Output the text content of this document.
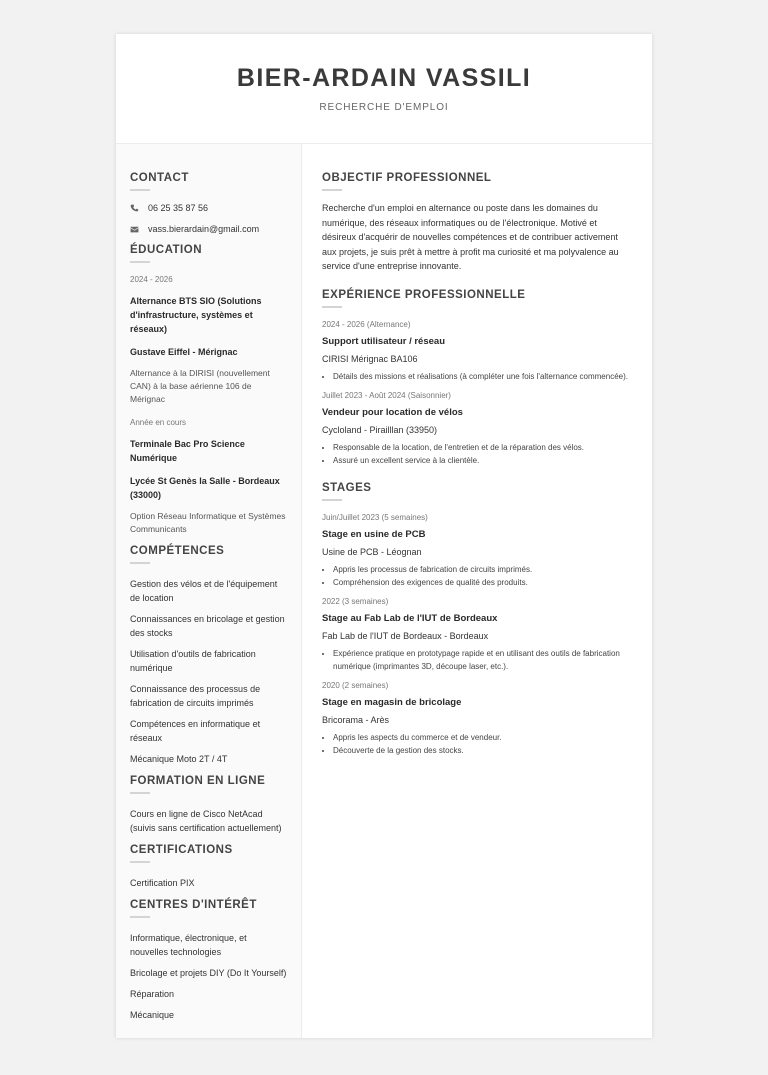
BIER-ARDAIN VASSILI
RECHERCHE D'EMPLOI
CONTACT
06 25 35 87 56
vass.bierardain@gmail.com
ÉDUCATION
2024 - 2026
Alternance BTS SIO (Solutions d'infrastructure, systèmes et réseaux)
Gustave Eiffel - Mérignac
Alternance à la DIRISI (nouvellement CAN) à la base aérienne 106 de Mérignac
Année en cours
Terminale Bac Pro Science Numérique
Lycée St Genès la Salle - Bordeaux (33000)
Option Réseau Informatique et Systèmes Communicants
COMPÉTENCES
Gestion des vélos et de l'équipement de location
Connaissances en bricolage et gestion des stocks
Utilisation d'outils de fabrication numérique
Connaissance des processus de fabrication de circuits imprimés
Compétences en informatique et réseaux
Mécanique Moto 2T / 4T
FORMATION EN LIGNE
Cours en ligne de Cisco NetAcad (suivis sans certification actuellement)
CERTIFICATIONS
Certification PIX
CENTRES D'INTÉRÊT
Informatique, électronique, et nouvelles technologies
Bricolage et projets DIY (Do It Yourself)
Réparation
Mécanique
OBJECTIF PROFESSIONNEL
Recherche d'un emploi en alternance ou poste dans les domaines du numérique, des réseaux informatiques ou de l'électronique. Motivé et désireux d'acquérir de nouvelles compétences et de contribuer activement aux projets, je suis prêt à mettre à profit ma curiosité et ma polyvalence au service d'une entreprise innovante.
EXPÉRIENCE PROFESSIONNELLE
2024 - 2026 (Alternance)
Support utilisateur / réseau
CIRISI Mérignac BA106
• Détails des missions et réalisations (à compléter une fois l'alternance commencée).
Juillet 2023 - Août 2024 (Saisonnier)
Vendeur pour location de vélos
Cycloland - Pirailllan (33950)
• Responsable de la location, de l'entretien et de la réparation des vélos.
• Assuré un excellent service à la clientèle.
STAGES
Juin/Juillet 2023 (5 semaines)
Stage en usine de PCB
Usine de PCB - Léognan
• Appris les processus de fabrication de circuits imprimés.
• Compréhension des exigences de qualité des produits.
2022 (3 semaines)
Stage au Fab Lab de l'IUT de Bordeaux
Fab Lab de l'IUT de Bordeaux - Bordeaux
• Expérience pratique en prototypage rapide et en utilisant des outils de fabrication numérique (imprimantes 3D, découpe laser, etc.).
2020 (2 semaines)
Stage en magasin de bricolage
Bricorama - Arès
• Appris les aspects du commerce et de vendeur.
• Découverte de la gestion des stocks.
